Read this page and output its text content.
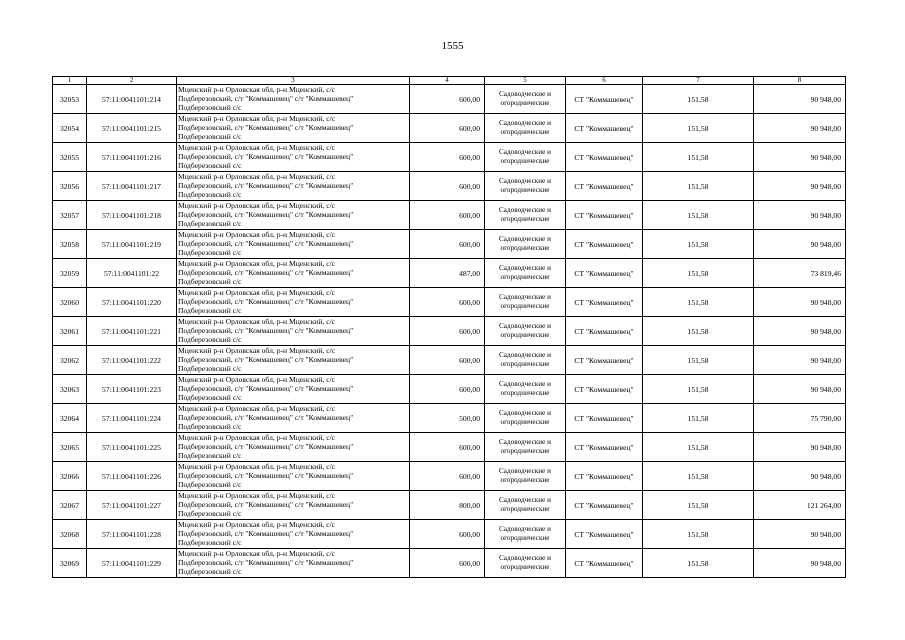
1555
1	2	3	4	5	6	7	8
32053	57:11:0041101:214	Мценский р-н Орловская обл, р-н Мценский, с/с
Подберезовский, с/т "Коммашевец" с/т "Коммашевец"
Подберезовский с/с	600,00	Садоводческие и
огороднические	СТ "Коммашевец"	151,58	90 948,00
32054	57:11:0041101:215	Мценский р-н Орловская обл, р-н Мценский, с/с
Подберезовский, с/т "Коммашевец" с/т "Коммашевец"
Подберезовский с/с	600,00	Садоводческие и
огороднические	СТ "Коммашевец"	151,58	90 948,00
32055	57:11:0041101:216	Мценский р-н Орловская обл, р-н Мценский, с/с
Подберезовский, с/т "Коммашевец" с/т "Коммашевец"
Подберезовский с/с	600,00	Садоводческие и
огороднические	СТ "Коммашевец"	151,58	90 948,00
32056	57:11:0041101:217	Мценский р-н Орловская обл, р-н Мценский, с/с
Подберезовский, с/т "Коммашевец" с/т "Коммашевец"
Подберезовский с/с	600,00	Садоводческие и
огороднические	СТ "Коммашевец"	151,58	90 948,00
32057	57:11:0041101:218	Мценский р-н Орловская обл, р-н Мценский, с/с
Подберезовский, с/т "Коммашевец" с/т "Коммашевец"
Подберезовский с/с	600,00	Садоводческие и
огороднические	СТ "Коммашевец"	151,58	90 948,00
32058	57:11:0041101:219	Мценский р-н Орловская обл, р-н Мценский, с/с
Подберезовский, с/т "Коммашевец" с/т "Коммашевец"
Подберезовский с/с	600,00	Садоводческие и
огороднические	СТ "Коммашевец"	151,58	90 948,00
32059	57:11:0041101:22	Мценский р-н Орловская обл, р-н Мценский, с/с
Подберезовский, с/т "Коммашевец" с/т "Коммашевец"
Подберезовский с/с	487,00	Садоводческие и
огороднические	СТ "Коммашевец"	151,58	73 819,46
32060	57:11:0041101:220	Мценский р-н Орловская обл, р-н Мценский, с/с
Подберезовский, с/т "Коммашевец" с/т "Коммашевец"
Подберезовский с/с	600,00	Садоводческие и
огороднические	СТ "Коммашевец"	151,58	90 948,00
32061	57:11:0041101:221	Мценский р-н Орловская обл, р-н Мценский, с/с
Подберезовский, с/т "Коммашевец" с/т "Коммашевец"
Подберезовский с/с	600,00	Садоводческие и
огороднические	СТ "Коммашевец"	151,58	90 948,00
32062	57:11:0041101:222	Мценский р-н Орловская обл, р-н Мценский, с/с
Подберезовский, с/т "Коммашевец" с/т "Коммашевец"
Подберезовский с/с	600,00	Садоводческие и
огороднические	СТ "Коммашевец"	151,58	90 948,00
32063	57:11:0041101:223	Мценский р-н Орловская обл, р-н Мценский, с/с
Подберезовский, с/т "Коммашевец" с/т "Коммашевец"
Подберезовский с/с	600,00	Садоводческие и
огороднические	СТ "Коммашевец"	151,58	90 948,00
32064	57:11:0041101:224	Мценский р-н Орловская обл, р-н Мценский, с/с
Подберезовский, с/т "Коммашевец" с/т "Коммашевец"
Подберезовский с/с	500,00	Садоводческие и
огороднические	СТ "Коммашевец"	151,58	75 790,00
32065	57:11:0041101:225	Мценский р-н Орловская обл, р-н Мценский, с/с
Подберезовский, с/т "Коммашевец" с/т "Коммашевец"
Подберезовский с/с	600,00	Садоводческие и
огороднические	СТ "Коммашевец"	151,58	90 948,00
32066	57:11:0041101:226	Мценский р-н Орловская обл, р-н Мценский, с/с
Подберезовский, с/т "Коммашевец" с/т "Коммашевец"
Подберезовский с/с	600,00	Садоводческие и
огороднические	СТ "Коммашевец"	151,58	90 948,00
32067	57:11:0041101:227	Мценский р-н Орловская обл, р-н Мценский, с/с
Подберезовский, с/т "Коммашевец" с/т "Коммашевец"
Подберезовский с/с	800,00	Садоводческие и
огороднические	СТ "Коммашевец"	151,58	121 264,00
32068	57:11:0041101:228	Мценский р-н Орловская обл, р-н Мценский, с/с
Подберезовский, с/т "Коммашевец" с/т "Коммашевец"
Подберезовский с/с	600,00	Садоводческие и
огороднические	СТ "Коммашевец"	151,58	90 948,00
32069	57:11:0041101:229	Мценский р-н Орловская обл, р-н Мценский, с/с
Подберезовский, с/т "Коммашевец" с/т "Коммашевец"
Подберезовский с/с	600,00	Садоводческие и
огороднические	СТ "Коммашевец"	151,58	90 948,00
